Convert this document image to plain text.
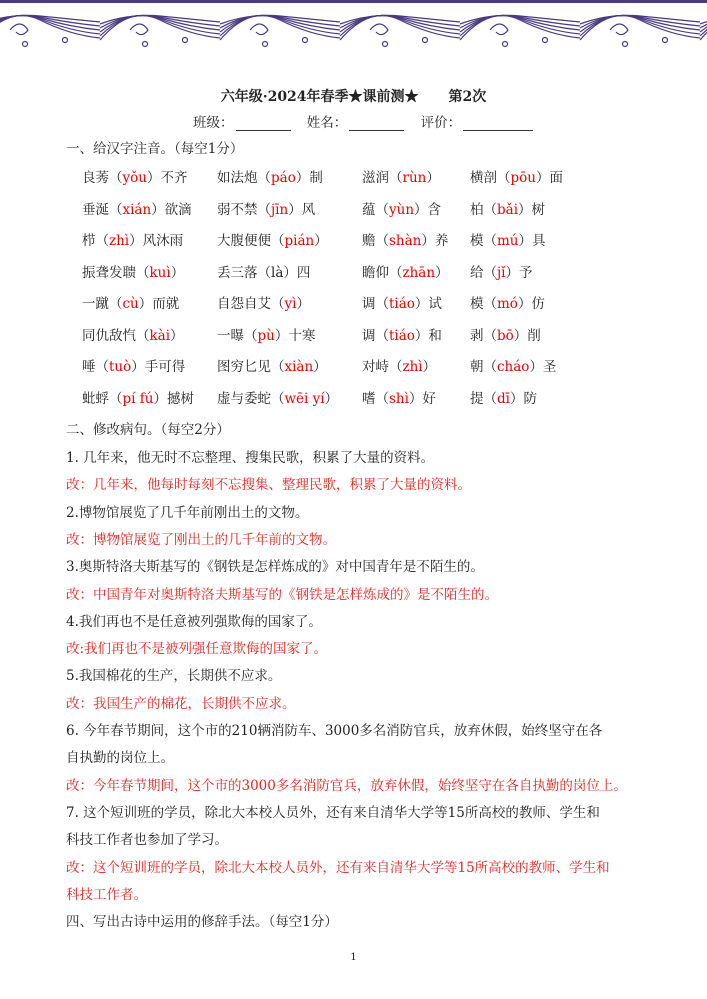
六年级·2024年春季★课前测★ 第2次
班级：	姓名：	评价：
一、给汉字注音。（每空1分）
良莠（yǒu）不齐 如法炮（páo）制	滋润（rùn） 横剖（pōu）面
垂涎（xián）欲滴 弱不禁（jīn）风	蕴（yùn）含 柏（bǎi）树
栉（zhì）风沐雨	大腹便便（pián）	赡（shàn）养 模（mú）具
振聋发聩（kuì） 丢三落（là）四	瞻仰（zhān） 给（jǐ）予
一蹴（cù）而就	自怨自艾（yì）	调（tiáo）试 模（mó）仿
同仇敌忾（kài） 一曝（pù）十寒	调（tiáo）和 剥（bō）削
唾（tuò）手可得 图穷匕见（xiàn）	对峙（zhì）	朝（cháo）圣
蚍蜉（pí fú）撼树 虚与委蛇（wēi yí） 嗜（shì）好	提（dī）防
二、修改病句。（每空2分）
1. 几年来，他无时不忘整理、搜集民歌，积累了大量的资料。
改：几年来，他每时每刻不忘搜集、整理民歌，积累了大量的资料。
2.博物馆展览了几千年前刚出土的文物。
改：博物馆展览了刚出土的几千年前的文物。
3.奥斯特洛夫斯基写的《钢铁是怎样炼成的》对中国青年是不陌生的。
改：中国青年对奥斯特洛夫斯基写的《钢铁是怎样炼成的》是不陌生的。
4.我们再也不是任意被列强欺侮的国家了。
改:我们再也不是被列强任意欺侮的国家了。
5.我国棉花的生产，长期供不应求。
改：我国生产的棉花，长期供不应求。
6. 今年春节期间，这个市的210辆消防车、3000多名消防官兵，放弃休假，始终坚守在各
自执勤的岗位上。
改：今年春节期间，这个市的3000多名消防官兵，放弃休假，始终坚守在各自执勤的岗位上。
7. 这个短训班的学员，除北大本校人员外，还有来自清华大学等15所高校的教师、学生和
科技工作者也参加了学习。
改：这个短训班的学员，除北大本校人员外，还有来自清华大学等15所高校的教师、学生和
科技工作者。
四、写出古诗中运用的修辞手法。（每空1分）
1
